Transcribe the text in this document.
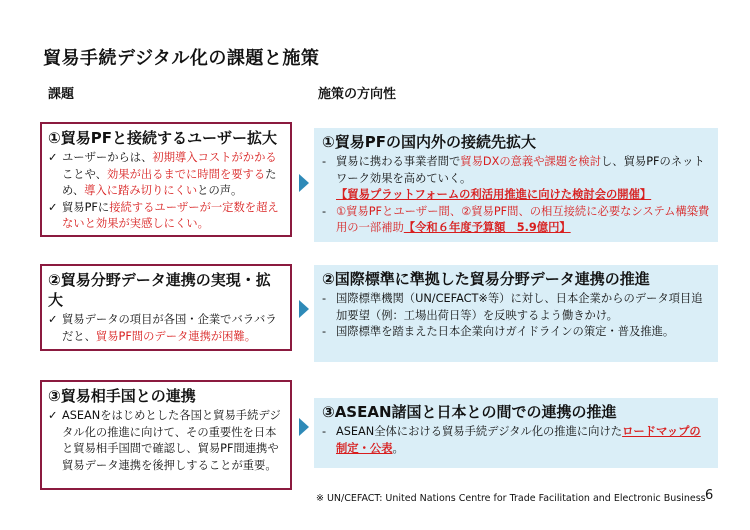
貿易手続デジタル化の課題と施策
課題	施策の方向性
①貿易PFと接続するユーザー拡大
✓ ユーザーからは、初期導入コストがかかることや、効果が出るまでに時間を要するため、導入に踏み切りにくいとの声。
✓ 貿易PFに接続するユーザーが一定数を超えないと効果が実感しにくい。
②貿易分野データ連携の実現・拡大
✓ 貿易データの項目が各国・企業でバラバラだと、貿易PF間のデータ連携が困難。
③貿易相手国との連携
✓ ASEANをはじめとした各国と貿易手続デジタル化の推進に向けて、その重要性を日本と貿易相手国間で確認し、貿易PF間連携や貿易データ連携を後押しすることが重要。
①貿易PFの国内外の接続先拡大
- 貿易に携わる事業者間で貿易DXの意義や課題を検討し、貿易PFのネットワーク効果を高めていく。
【貿易プラットフォームの利活用推進に向けた検討会の開催】
- ①貿易PFとユーザー間、②貿易PF間、の相互接続に必要なシステム構築費用の一部補助【令和６年度予算額　5.9億円】
②国際標準に準拠した貿易分野データ連携の推進
- 国際標準機関（UN/CEFACT※等）に対し、日本企業からのデータ項目追加要望（例：工場出荷日等）を反映するよう働きかけ。
- 国際標準を踏まえた日本企業向けガイドラインの策定・普及推進。
③ASEAN諸国と日本との間での連携の推進
- ASEAN全体における貿易手続デジタル化の推進に向けたロードマップの制定・公表。
※ UN/CEFACT: United Nations Centre for Trade Facilitation and Electronic Business 6
